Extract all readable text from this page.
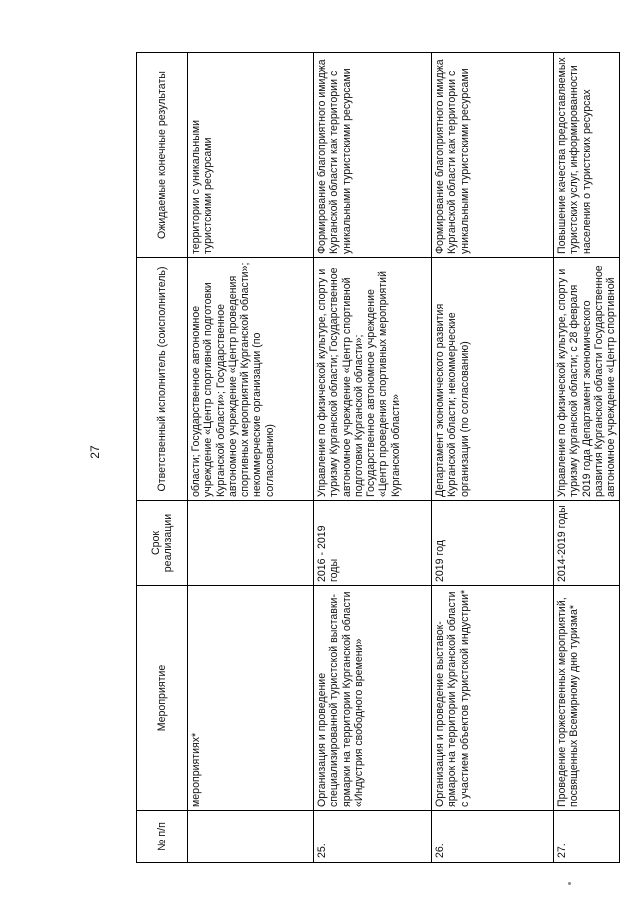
27
№ п/п	Мероприятие	Срок реализации	Ответственный исполнитель (соисполнитель)	Ожидаемые конечные результаты
	мероприятиях*		области; Государственное автономное учреждение «Центр спортивной подготовки Курганской области»; Государственное автономное учреждение «Центр проведения спортивных мероприятий Курганской области»; некоммерческие организации (по согласованию)	территории с уникальными туристскими ресурсами
25.	Организация и проведение специализированной туристской выставки-ярмарки на территории Курганской области «Индустрия свободного времени»	2016 - 2019 годы	Управление по физической культуре, спорту и туризму Курганской области; Государственное автономное учреждение «Центр спортивной подготовки Курганской области»; Государственное автономное учреждение «Центр проведения спортивных мероприятий Курганской области»	Формирование благоприятного имиджа Курганской области как территории с уникальными туристскими ресурсами
26.	Организация и проведение выставок-ярмарок на территории Курганской области с участием объектов туристской индустрии*	2019 год	Департамент экономического развития Курганской области; некоммерческие организации (по согласованию)	Формирование благоприятного имиджа Курганской области как территории с уникальными туристскими ресурсами
27.	Проведение торжественных мероприятий, посвященных Всемирному дню туризма*	2014-2019 годы	Управление по физической культуре, спорту и туризму Курганской области; с 28 февраля 2019 года Департамент экономического развития Курганской области Государственное автономное учреждение «Центр спортивной	Повышение качества предоставляемых туристских услуг, информированности населения о туристских ресурсах
